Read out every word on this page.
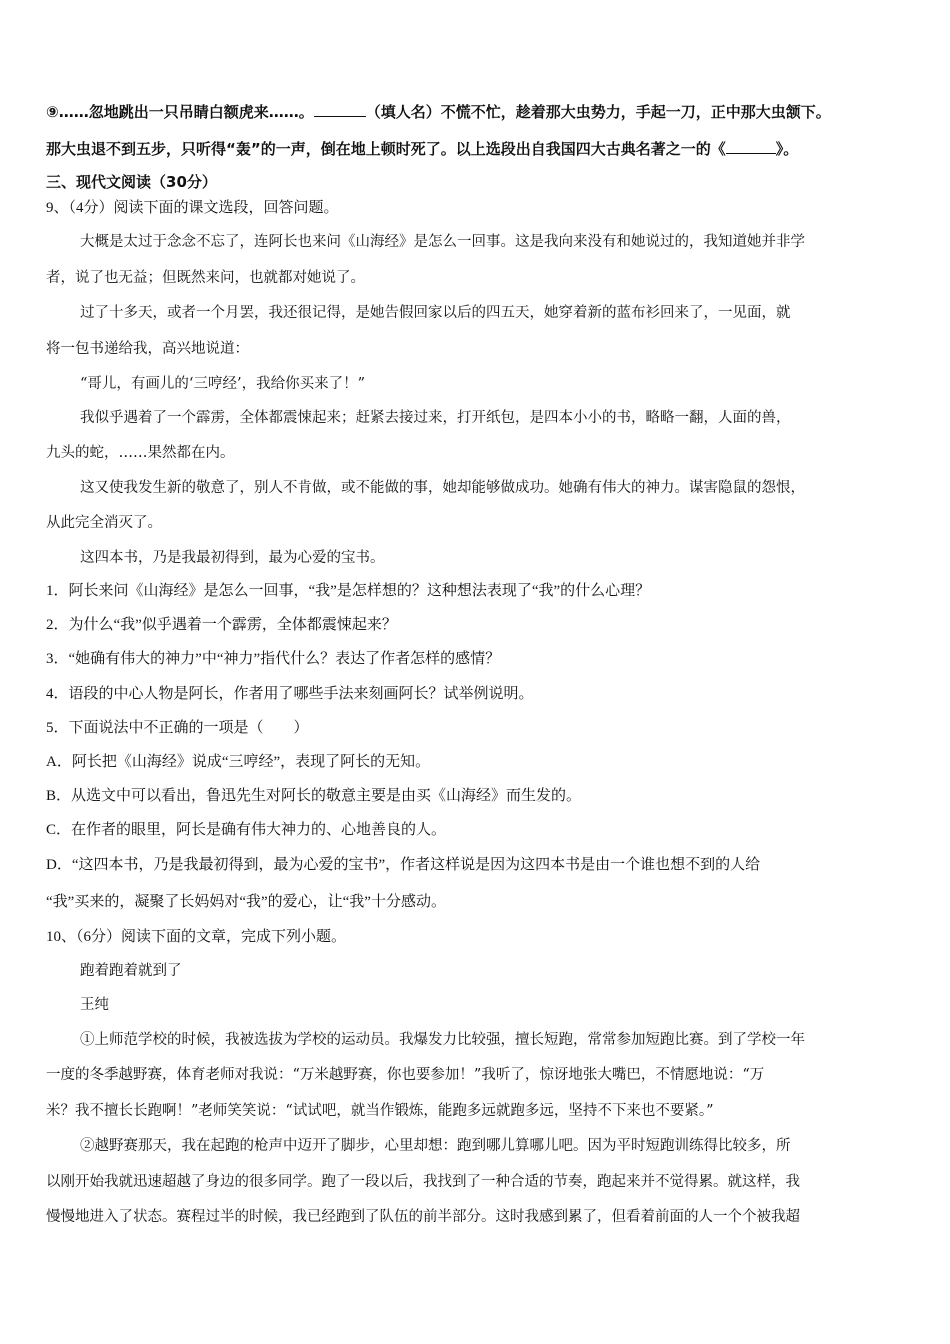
⑨……忽地跳出一只吊睛白额虎来……。	（填人名）不慌不忙，趁着那大虫势力，手起一刀，正中那大虫颔下。
那大虫退不到五步，只听得“轰”的一声，倒在地上顿时死了。以上选段出自我国四大古典名著之一的《	》。
三、现代文阅读（30分）
9、（4分）阅读下面的课文选段，回答问题。
大概是太过于念念不忘了，连阿长也来问《山海经》是怎么一回事。这是我向来没有和她说过的，我知道她并非学
者，说了也无益；但既然来问，也就都对她说了。
过了十多天，或者一个月罢，我还很记得，是她告假回家以后的四五天，她穿着新的蓝布衫回来了，一见面，就
将一包书递给我，高兴地说道：
“哥儿，有画儿的‘三哼经’，我给你买来了！”
我似乎遇着了一个霹雳，全体都震悚起来；赶紧去接过来，打开纸包，是四本小小的书，略略一翻，人面的兽，
九头的蛇，……果然都在内。
这又使我发生新的敬意了，别人不肯做，或不能做的事，她却能够做成功。她确有伟大的神力。谋害隐鼠的怨恨，
从此完全消灭了。
这四本书，乃是我最初得到，最为心爱的宝书。
1．阿长来问《山海经》是怎么一回事，“我”是怎样想的？这种想法表现了“我”的什么心理？
2．为什么“我”似乎遇着一个霹雳，全体都震悚起来？
3．“她确有伟大的神力”中“神力”指代什么？表达了作者怎样的感情？
4．语段的中心人物是阿长，作者用了哪些手法来刻画阿长？试举例说明。
5．下面说法中不正确的一项是（　　）
A．阿长把《山海经》说成“三哼经”，表现了阿长的无知。
B．从选文中可以看出，鲁迅先生对阿长的敬意主要是由买《山海经》而生发的。
C．在作者的眼里，阿长是确有伟大神力的、心地善良的人。
D．“这四本书，乃是我最初得到，最为心爱的宝书”，作者这样说是因为这四本书是由一个谁也想不到的人给
“我”买来的，凝聚了长妈妈对“我”的爱心，让“我”十分感动。
10、（6分）阅读下面的文章，完成下列小题。
跑着跑着就到了
王纯
①上师范学校的时候，我被选拔为学校的运动员。我爆发力比较强，擅长短跑，常常参加短跑比赛。到了学校一年
一度的冬季越野赛，体育老师对我说：“万米越野赛，你也要参加！”我听了，惊讶地张大嘴巴，不情愿地说：“万
米？我不擅长长跑啊！”老师笑笑说：“试试吧，就当作锻炼，能跑多远就跑多远，坚持不下来也不要紧。”
②越野赛那天，我在起跑的枪声中迈开了脚步，心里却想：跑到哪儿算哪儿吧。因为平时短跑训练得比较多，所
以刚开始我就迅速超越了身边的很多同学。跑了一段以后，我找到了一种合适的节奏，跑起来并不觉得累。就这样，我
慢慢地进入了状态。赛程过半的时候，我已经跑到了队伍的前半部分。这时我感到累了，但看着前面的人一个个被我超
